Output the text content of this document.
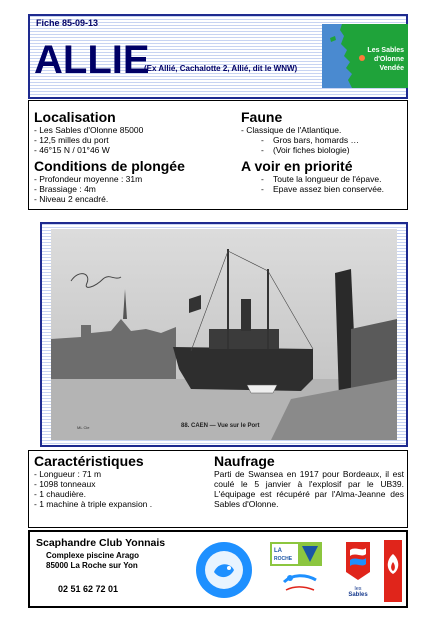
Fiche 85-09-13
ALLIE
(Ex Allié, Cachalotte 2, Allié, dit le WNW)
Les Sables d'Olonne Vendée
Localisation
- Les Sables d'Olonne 85000
- 12,5 milles du port
- 46°15 N / 01°46 W
Conditions de plongée
- Profondeur moyenne : 31m
- Brassiage : 4m
- Niveau 2 encadré.
Faune
- Classique de l'Atlantique.
- Gros bars, homards …
- (Voir fiches biologie)
A voir en priorité
- Toute la longueur de l'épave.
- Epave assez bien conservée.
ML Cie	88. CAEN — Vue sur le Port
Caractéristiques
- Longueur : 71 m
- 1098 tonneaux
- 1 chaudière.
- 1 machine à triple expansion .
Naufrage
Parti de Swansea en 1917 pour Bordeaux, il est coulé le 5 janvier à l'explosif par le UB39. L'équipage est récupéré par l'Alma-Jeanne des Sables d'Olonne.
Scaphandre Club Yonnais
Complexe piscine Arago
85000 La Roche sur Yon
02 51 62 72 01
LA
ROCHE
les
Sables
